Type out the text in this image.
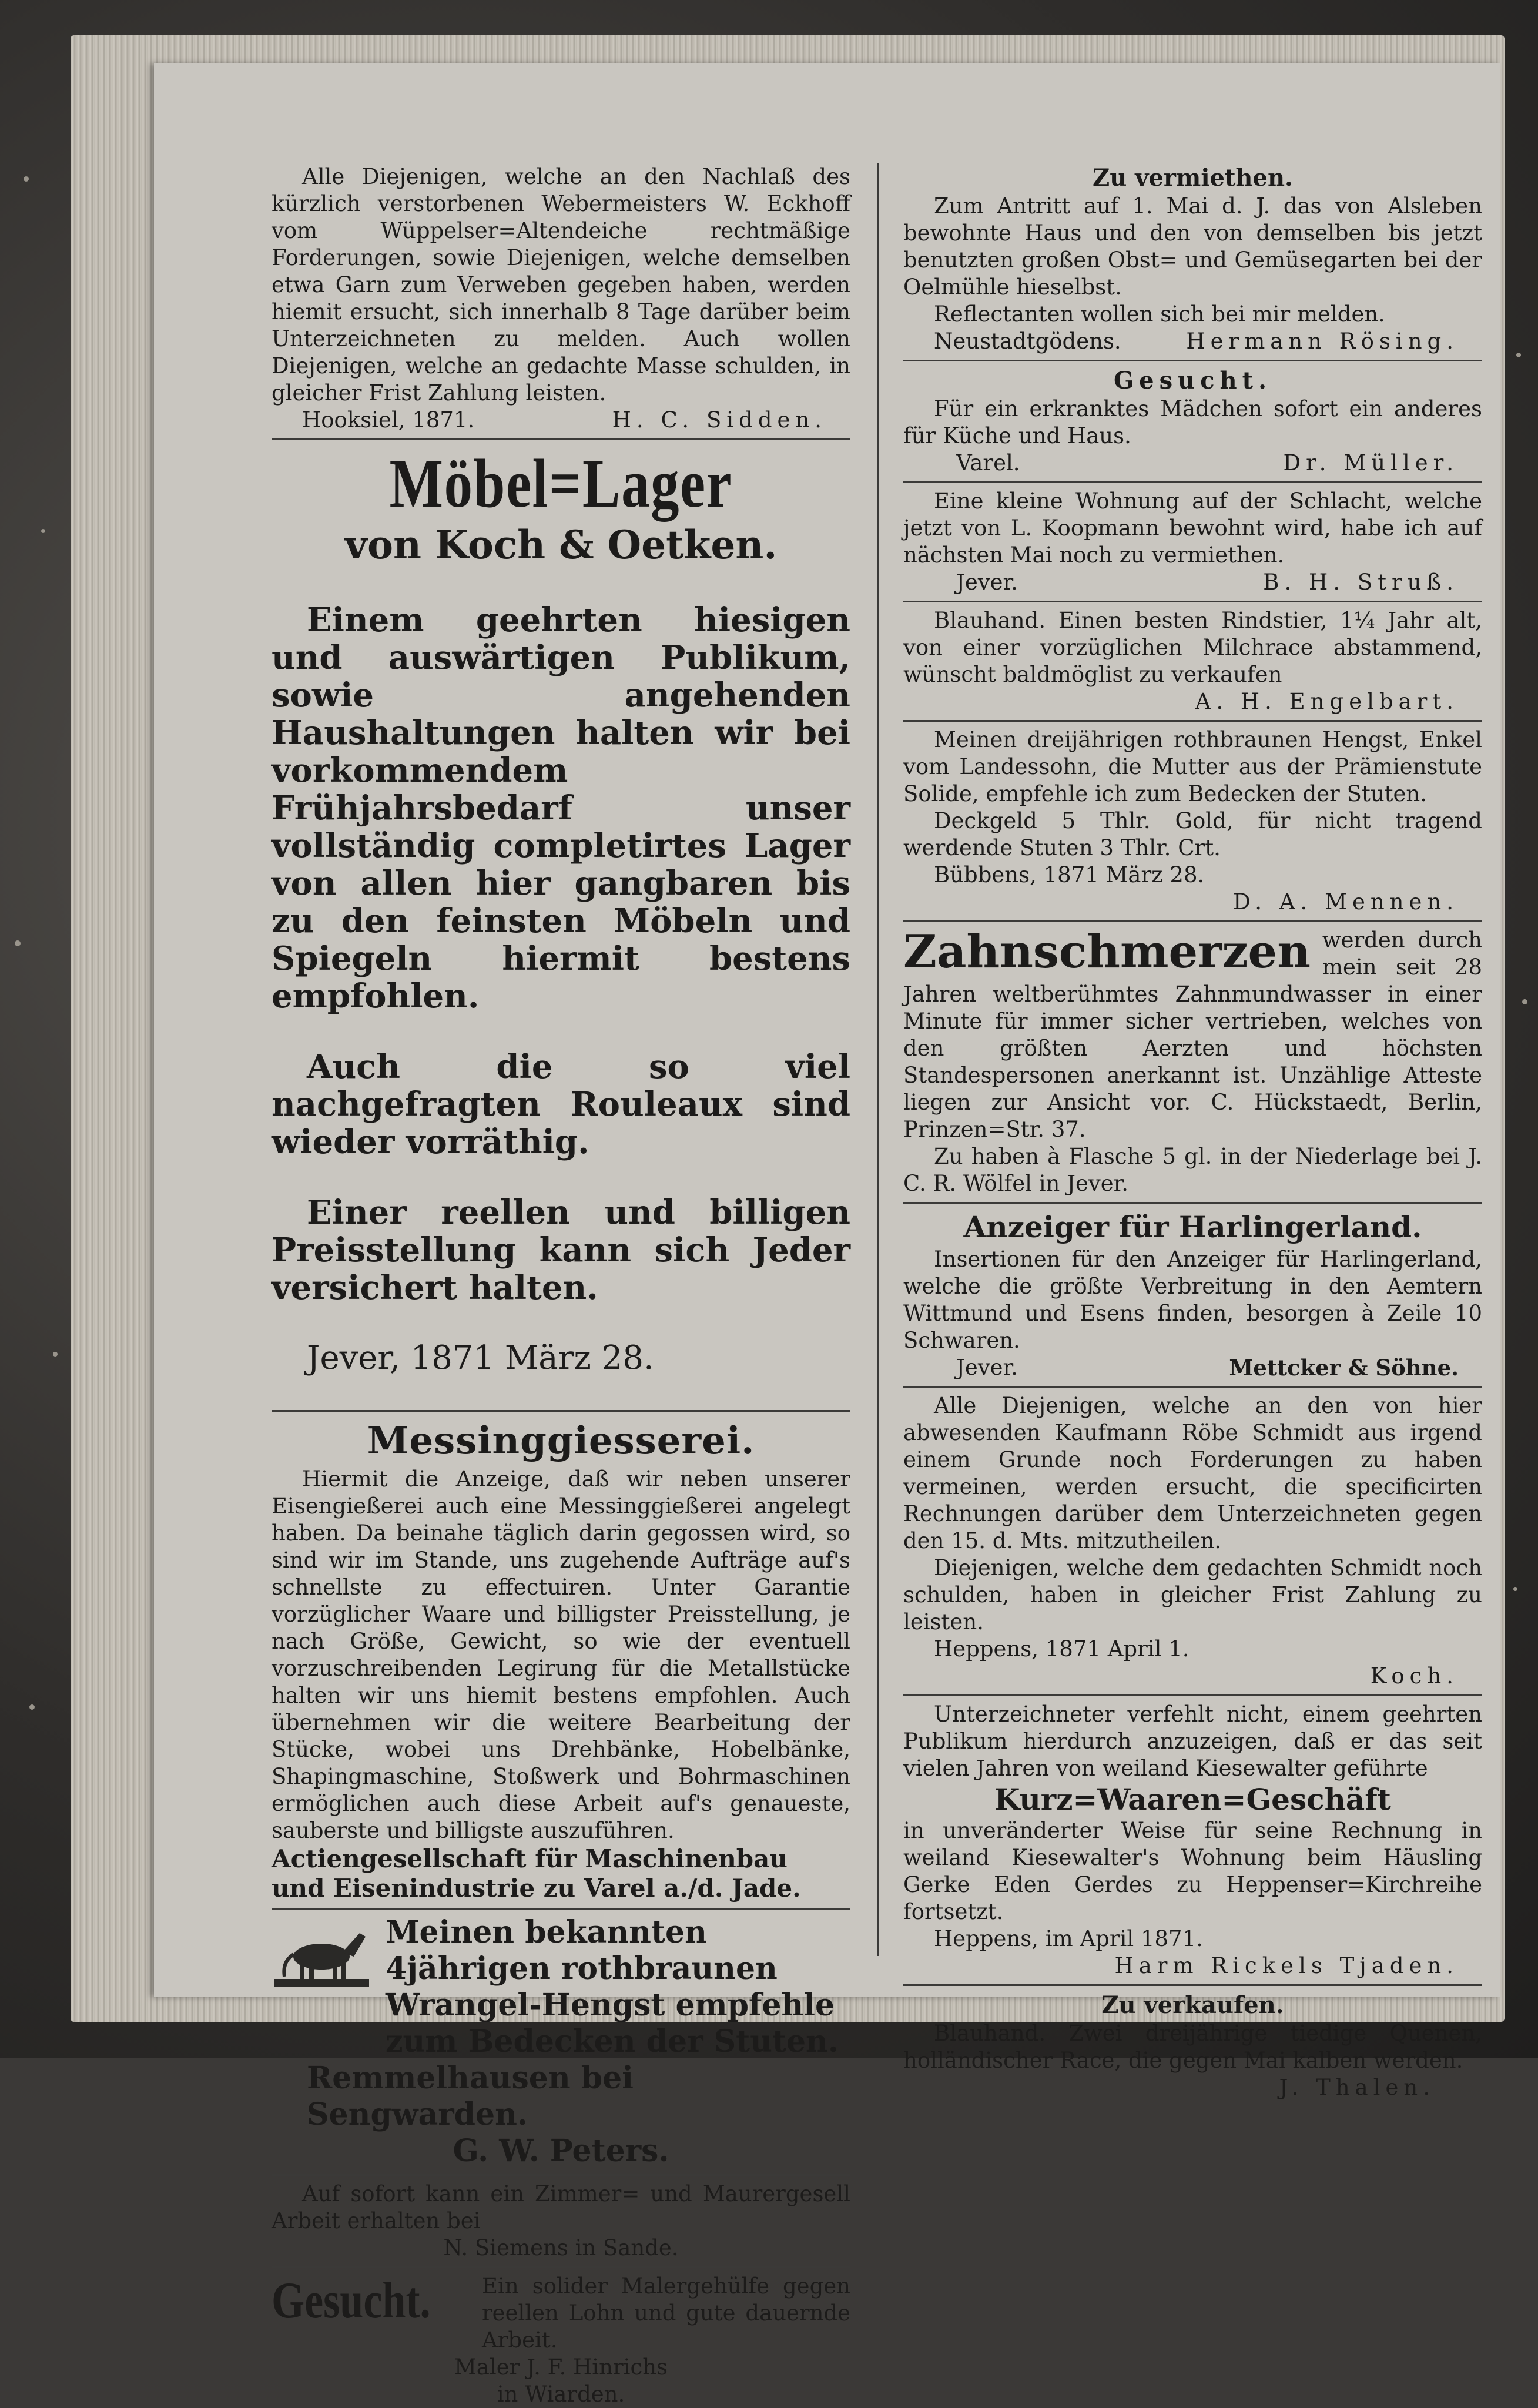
Alle Diejenigen, welche an den Nachlaß des kürzlich verstorbenen Webermeisters W. Eckhoff vom Wüppelser=Altendeiche rechtmäßige Forderungen, sowie Diejenigen, welche demselben etwa Garn zum Verweben gegeben haben, werden hiemit ersucht, sich innerhalb 8 Tage darüber beim Unterzeichneten zu melden. Auch wollen Diejenigen, welche an gedachte Masse schulden, in gleicher Frist Zahlung leisten.

Hooksiel, 1871.	H. C. Sidden.
Möbel=Lager
von Koch & Oetken.

Einem geehrten hiesigen und auswärtigen Publikum, sowie angehenden Haushaltungen halten wir bei vorkommendem Frühjahrsbedarf unser vollständig completirtes Lager von allen hier gangbaren bis zu den feinsten Möbeln und Spiegeln hiermit bestens empfohlen.

Auch die so viel nachgefragten Rouleaux sind wieder vorräthig.

Einer reellen und billigen Preisstellung kann sich Jeder versichert halten.

Jever, 1871 März 28.

Messinggiesserei.

Hiermit die Anzeige, daß wir neben unserer Eisengießerei auch eine Messinggießerei angelegt haben. Da beinahe täglich darin gegossen wird, so sind wir im Stande, uns zugehende Aufträge auf's schnellste zu effectuiren. Unter Garantie vorzüglicher Waare und billigster Preisstellung, je nach Größe, Gewicht, so wie der eventuell vorzuschreibenden Legirung für die Metallstücke halten wir uns hiemit bestens empfohlen. Auch übernehmen wir die weitere Bearbeitung der Stücke, wobei uns Drehbänke, Hobelbänke, Shapingmaschine, Stoßwerk und Bohrmaschinen ermöglichen auch diese Arbeit auf's genaueste, sauberste und billigste auszuführen.

Actiengesellschaft für Maschinenbau
und Eisenindustrie zu Varel a./d. Jade.
Meinen bekannten 4jährigen rothbraunen Wrangel-Hengst empfehle zum Bedecken der Stuten.
Remmelhausen bei Sengwarden.
G. W. Peters.

Auf sofort kann ein Zimmer= und Maurergesell Arbeit erhalten bei

N. Siemens in Sande.
Gesucht.	Ein solider Malergehülfe gegen reellen Lohn und gute dauernde Arbeit.

Maler J. F. Hinrichs
in Wiarden.
Zu vermiethen.

Zum Antritt auf 1. Mai d. J. das von Alsleben bewohnte Haus und den von demselben bis jetzt benutzten großen Obst= und Gemüsegarten bei der Oelmühle hieselbst.

Reflectanten wollen sich bei mir melden.

Neustadtgödens.	Hermann Rösing.
Gesucht.

Für ein erkranktes Mädchen sofort ein anderes für Küche und Haus.

Varel.	Dr. Müller.

Eine kleine Wohnung auf der Schlacht, welche jetzt von L. Koopmann bewohnt wird, habe ich auf nächsten Mai noch zu vermiethen.

Jever.	B. H. Struß.

Blauhand. Einen besten Rindstier, 1¼ Jahr alt, von einer vorzüglichen Milchrace abstammend, wünscht baldmöglist zu verkaufen

A. H. Engelbart.

Meinen dreijährigen rothbraunen Hengst, Enkel vom Landessohn, die Mutter aus der Prämienstute Solide, empfehle ich zum Bedecken der Stuten.

Deckgeld 5 Thlr. Gold, für nicht tragend werdende Stuten 3 Thlr. Crt.

Bübbens, 1871 März 28.

D. A. Mennen.
Zahnschmerzen werden durch mein seit 28 Jahren weltberühmtes Zahnmundwasser in einer Minute für immer sicher vertrieben, welches von den größten Aerzten und höchsten Standespersonen anerkannt ist. Unzählige Atteste liegen zur Ansicht vor. C. Hückstaedt, Berlin, Prinzen=Str. 37.

Zu haben à Flasche 5 gl. in der Niederlage bei J. C. R. Wölfel in Jever.

Anzeiger für Harlingerland.

Insertionen für den Anzeiger für Harlingerland, welche die größte Verbreitung in den Aemtern Wittmund und Esens finden, besorgen à Zeile 10 Schwaren.

Jever.	Mettcker & Söhne.

Alle Diejenigen, welche an den von hier abwesenden Kaufmann Röbe Schmidt aus irgend einem Grunde noch Forderungen zu haben vermeinen, werden ersucht, die specificirten Rechnungen darüber dem Unterzeichneten gegen den 15. d. Mts. mitzutheilen.

Diejenigen, welche dem gedachten Schmidt noch schulden, haben in gleicher Frist Zahlung zu leisten.

Heppens, 1871 April 1.

Koch.

Unterzeichneter verfehlt nicht, einem geehrten Publikum hierdurch anzuzeigen, daß er das seit vielen Jahren von weiland Kiesewalter geführte

Kurz=Waaren=Geschäft

in unveränderter Weise für seine Rechnung in weiland Kiesewalter's Wohnung beim Häusling Gerke Eden Gerdes zu Heppenser=Kirchreihe fortsetzt.

Heppens, im April 1871.

Harm Rickels Tjaden.
Zu verkaufen.

Blauhand. Zwei dreijährige tiedige Quenen, holländischer Race, die gegen Mai kalben werden.

J. Thalen.
